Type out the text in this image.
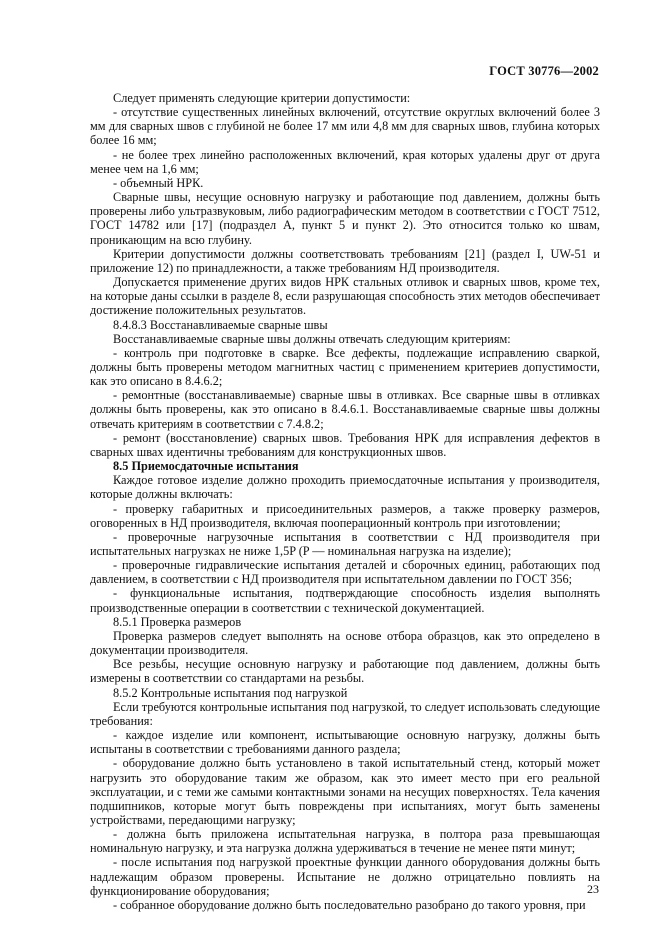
ГОСТ 30776—2002

Следует применять следующие критерии допустимости:

- отсутствие существенных линейных включений, отсутствие округлых включений более 3 мм для сварных швов с глубиной не более 17 мм или 4,8 мм для сварных швов, глубина которых более 16 мм;

- не более трех линейно расположенных включений, края которых удалены друг от друга менее чем на 1,6 мм;

- объемный НРК.

Сварные швы, несущие основную нагрузку и работающие под давлением, должны быть проверены либо ультразвуковым, либо радиографическим методом в соответствии с ГОСТ 7512, ГОСТ 14782 или [17] (подраздел А, пункт 5 и пункт 2). Это относится только ко швам, проникающим на всю глубину.

Критерии допустимости должны соответствовать требованиям [21] (раздел I, UW-51 и приложение 12) по принадлежности, а также требованиям НД производителя.

Допускается применение других видов НРК стальных отливок и сварных швов, кроме тех, на которые даны ссылки в разделе 8, если разрушающая способность этих методов обеспечивает достижение положительных результатов.

8.4.8.3 Восстанавливаемые сварные швы

Восстанавливаемые сварные швы должны отвечать следующим критериям:

- контроль при подготовке в сварке. Все дефекты, подлежащие исправлению сваркой, должны быть проверены методом магнитных частиц с применением критериев допустимости, как это описано в 8.4.6.2;

- ремонтные (восстанавливаемые) сварные швы в отливках. Все сварные швы в отливках должны быть проверены, как это описано в 8.4.6.1. Восстанавливаемые сварные швы должны отвечать критериям в соответствии с 7.4.8.2;

- ремонт (восстановление) сварных швов. Требования НРК для исправления дефектов в сварных швах идентичны требованиям для конструкционных швов.

8.5 Приемосдаточные испытания

Каждое готовое изделие должно проходить приемосдаточные испытания у производителя, которые должны включать:

- проверку габаритных и присоединительных размеров, а также проверку размеров, оговоренных в НД производителя, включая пооперационный контроль при изготовлении;

- проверочные нагрузочные испытания в соответствии с НД производителя при испытательных нагрузках не ниже 1,5P (P — номинальная нагрузка на изделие);

- проверочные гидравлические испытания деталей и сборочных единиц, работающих под давлением, в соответствии с НД производителя при испытательном давлении по ГОСТ 356;

- функциональные испытания, подтверждающие способность изделия выполнять производственные операции в соответствии с технической документацией.

8.5.1 Проверка размеров

Проверка размеров следует выполнять на основе отбора образцов, как это определено в документации производителя.

Все резьбы, несущие основную нагрузку и работающие под давлением, должны быть измерены в соответствии со стандартами на резьбы.

8.5.2 Контрольные испытания под нагрузкой

Если требуются контрольные испытания под нагрузкой, то следует использовать следующие требования:

- каждое изделие или компонент, испытывающие основную нагрузку, должны быть испытаны в соответствии с требованиями данного раздела;

- оборудование должно быть установлено в такой испытательный стенд, который может нагрузить это оборудование таким же образом, как это имеет место при его реальной эксплуатации, и с теми же самыми контактными зонами на несущих поверхностях. Тела качения подшипников, которые могут быть повреждены при испытаниях, могут быть заменены устройствами, передающими нагрузку;

- должна быть приложена испытательная нагрузка, в полтора раза превышающая номинальную нагрузку, и эта нагрузка должна удерживаться в течение не менее пяти минут;

- после испытания под нагрузкой проектные функции данного оборудования должны быть надлежащим образом проверены. Испытание не должно отрицательно повлиять на функционирование оборудования;

- собранное оборудование должно быть последовательно разобрано до такого уровня, при

23
